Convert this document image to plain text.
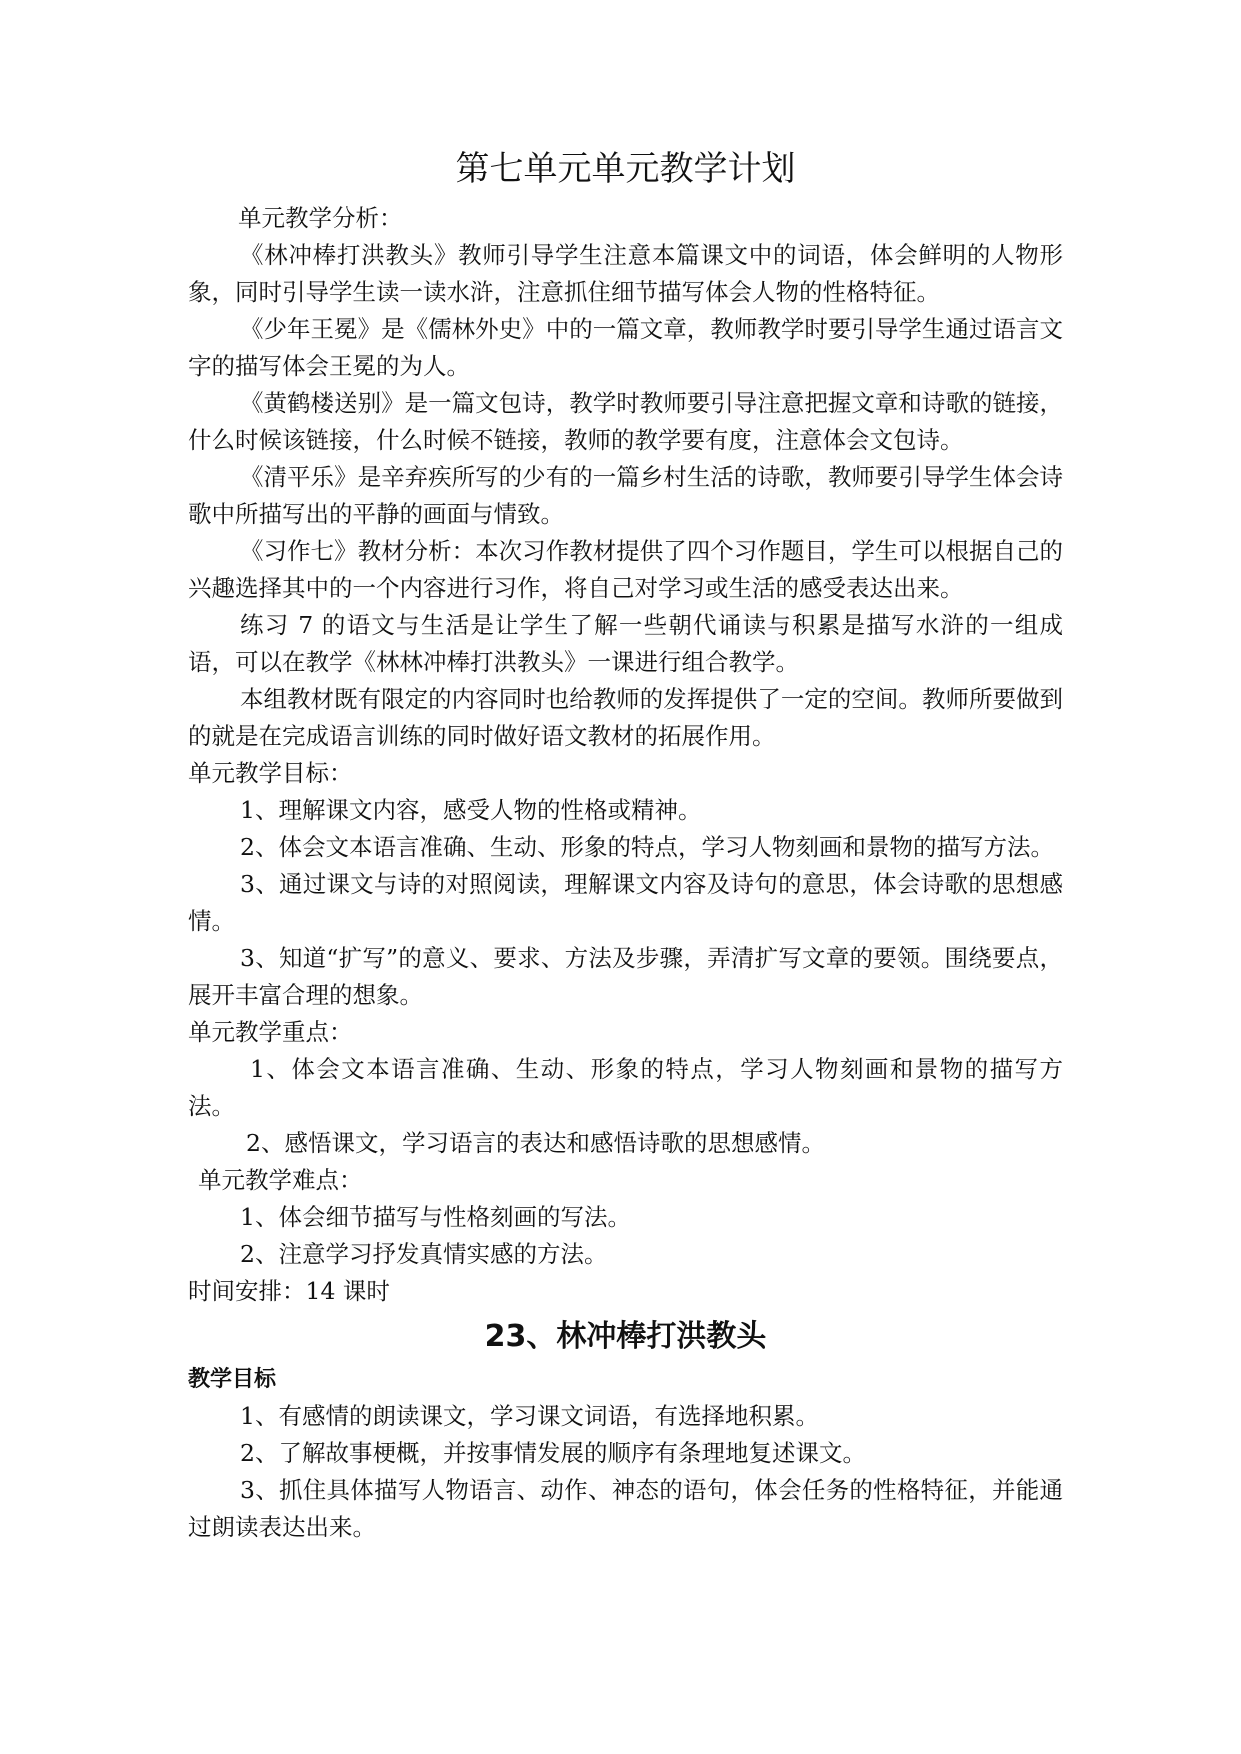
第七单元单元教学计划

单元教学分析：

《林冲棒打洪教头》教师引导学生注意本篇课文中的词语，体会鲜明的人物形象，同时引导学生读一读水浒，注意抓住细节描写体会人物的性格特征。

《少年王冕》是《儒林外史》中的一篇文章，教师教学时要引导学生通过语言文字的描写体会王冕的为人。

《黄鹤楼送别》是一篇文包诗，教学时教师要引导注意把握文章和诗歌的链接，什么时候该链接，什么时候不链接，教师的教学要有度，注意体会文包诗。

《清平乐》是辛弃疾所写的少有的一篇乡村生活的诗歌，教师要引导学生体会诗歌中所描写出的平静的画面与情致。

《习作七》教材分析：本次习作教材提供了四个习作题目，学生可以根据自己的兴趣选择其中的一个内容进行习作，将自己对学习或生活的感受表达出来。

练习 7 的语文与生活是让学生了解一些朝代诵读与积累是描写水浒的一组成语，可以在教学《林林冲棒打洪教头》一课进行组合教学。

本组教材既有限定的内容同时也给教师的发挥提供了一定的空间。教师所要做到的就是在完成语言训练的同时做好语文教材的拓展作用。

单元教学目标：

1、理解课文内容，感受人物的性格或精神。

2、体会文本语言准确、生动、形象的特点，学习人物刻画和景物的描写方法。

3、通过课文与诗的对照阅读，理解课文内容及诗句的意思，体会诗歌的思想感情。

3、知道“扩写”的意义、要求、方法及步骤，弄清扩写文章的要领。围绕要点，展开丰富合理的想象。

单元教学重点：

1、体会文本语言准确、生动、形象的特点，学习人物刻画和景物的描写方法。

2、感悟课文，学习语言的表达和感悟诗歌的思想感情。

单元教学难点：

1、体会细节描写与性格刻画的写法。

2、注意学习抒发真情实感的方法。

时间安排：14 课时

23、林冲棒打洪教头

教学目标

1、有感情的朗读课文，学习课文词语，有选择地积累。

2、了解故事梗概，并按事情发展的顺序有条理地复述课文。

3、抓住具体描写人物语言、动作、神态的语句，体会任务的性格特征，并能通过朗读表达出来。
